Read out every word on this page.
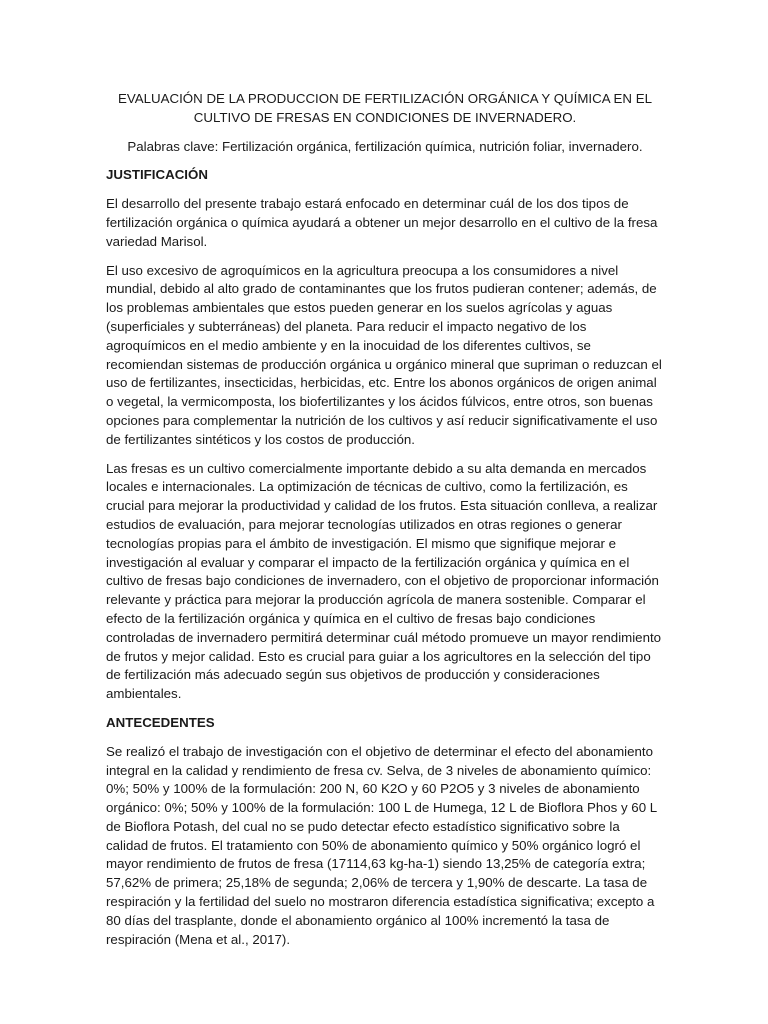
EVALUACIÓN DE LA PRODUCCION DE FERTILIZACIÓN ORGÁNICA Y QUÍMICA EN EL CULTIVO DE FRESAS EN CONDICIONES DE INVERNADERO.

Palabras clave: Fertilización orgánica, fertilización química, nutrición foliar, invernadero.

JUSTIFICACIÓN

El desarrollo del presente trabajo estará enfocado en determinar cuál de los dos tipos de fertilización orgánica o química ayudará a obtener un mejor desarrollo en el cultivo de la fresa variedad Marisol.

El uso excesivo de agroquímicos en la agricultura preocupa a los consumidores a nivel mundial, debido al alto grado de contaminantes que los frutos pudieran contener; además, de los problemas ambientales que estos pueden generar en los suelos agrícolas y aguas (superficiales y subterráneas) del planeta. Para reducir el impacto negativo de los agroquímicos en el medio ambiente y en la inocuidad de los diferentes cultivos, se recomiendan sistemas de producción orgánica u orgánico mineral que supriman o reduzcan el uso de fertilizantes, insecticidas, herbicidas, etc. Entre los abonos orgánicos de origen animal o vegetal, la vermicomposta, los biofertilizantes y los ácidos fúlvicos, entre otros, son buenas opciones para complementar la nutrición de los cultivos y así reducir significativamente el uso de fertilizantes sintéticos y los costos de producción.

Las fresas es un cultivo comercialmente importante debido a su alta demanda en mercados locales e internacionales. La optimización de técnicas de cultivo, como la fertilización, es crucial para mejorar la productividad y calidad de los frutos. Esta situación conlleva, a realizar estudios de evaluación, para mejorar tecnologías utilizados en otras regiones o generar tecnologías propias para el ámbito de investigación. El mismo que signifique mejorar e investigación al evaluar y comparar el impacto de la fertilización orgánica y química en el cultivo de fresas bajo condiciones de invernadero, con el objetivo de proporcionar información relevante y práctica para mejorar la producción agrícola de manera sostenible. Comparar el efecto de la fertilización orgánica y química en el cultivo de fresas bajo condiciones controladas de invernadero permitirá determinar cuál método promueve un mayor rendimiento de frutos y mejor calidad. Esto es crucial para guiar a los agricultores en la selección del tipo de fertilización más adecuado según sus objetivos de producción y consideraciones ambientales.

ANTECEDENTES

Se realizó el trabajo de investigación con el objetivo de determinar el efecto del abonamiento integral en la calidad y rendimiento de fresa cv. Selva, de 3 niveles de abonamiento químico: 0%; 50% y 100% de la formulación: 200 N, 60 K2O y 60 P2O5 y 3 niveles de abonamiento orgánico: 0%; 50% y 100% de la formulación: 100 L de Humega, 12 L de Bioflora Phos y 60 L de Bioflora Potash, del cual no se pudo detectar efecto estadístico significativo sobre la calidad de frutos. El tratamiento con 50% de abonamiento químico y 50% orgánico logró el mayor rendimiento de frutos de fresa (17114,63 kg-ha-1) siendo 13,25% de categoría extra; 57,62% de primera; 25,18% de segunda; 2,06% de tercera y 1,90% de descarte. La tasa de respiración y la fertilidad del suelo no mostraron diferencia estadística significativa; excepto a 80 días del trasplante, donde el abonamiento orgánico al 100% incrementó la tasa de respiración (Mena et al., 2017).
